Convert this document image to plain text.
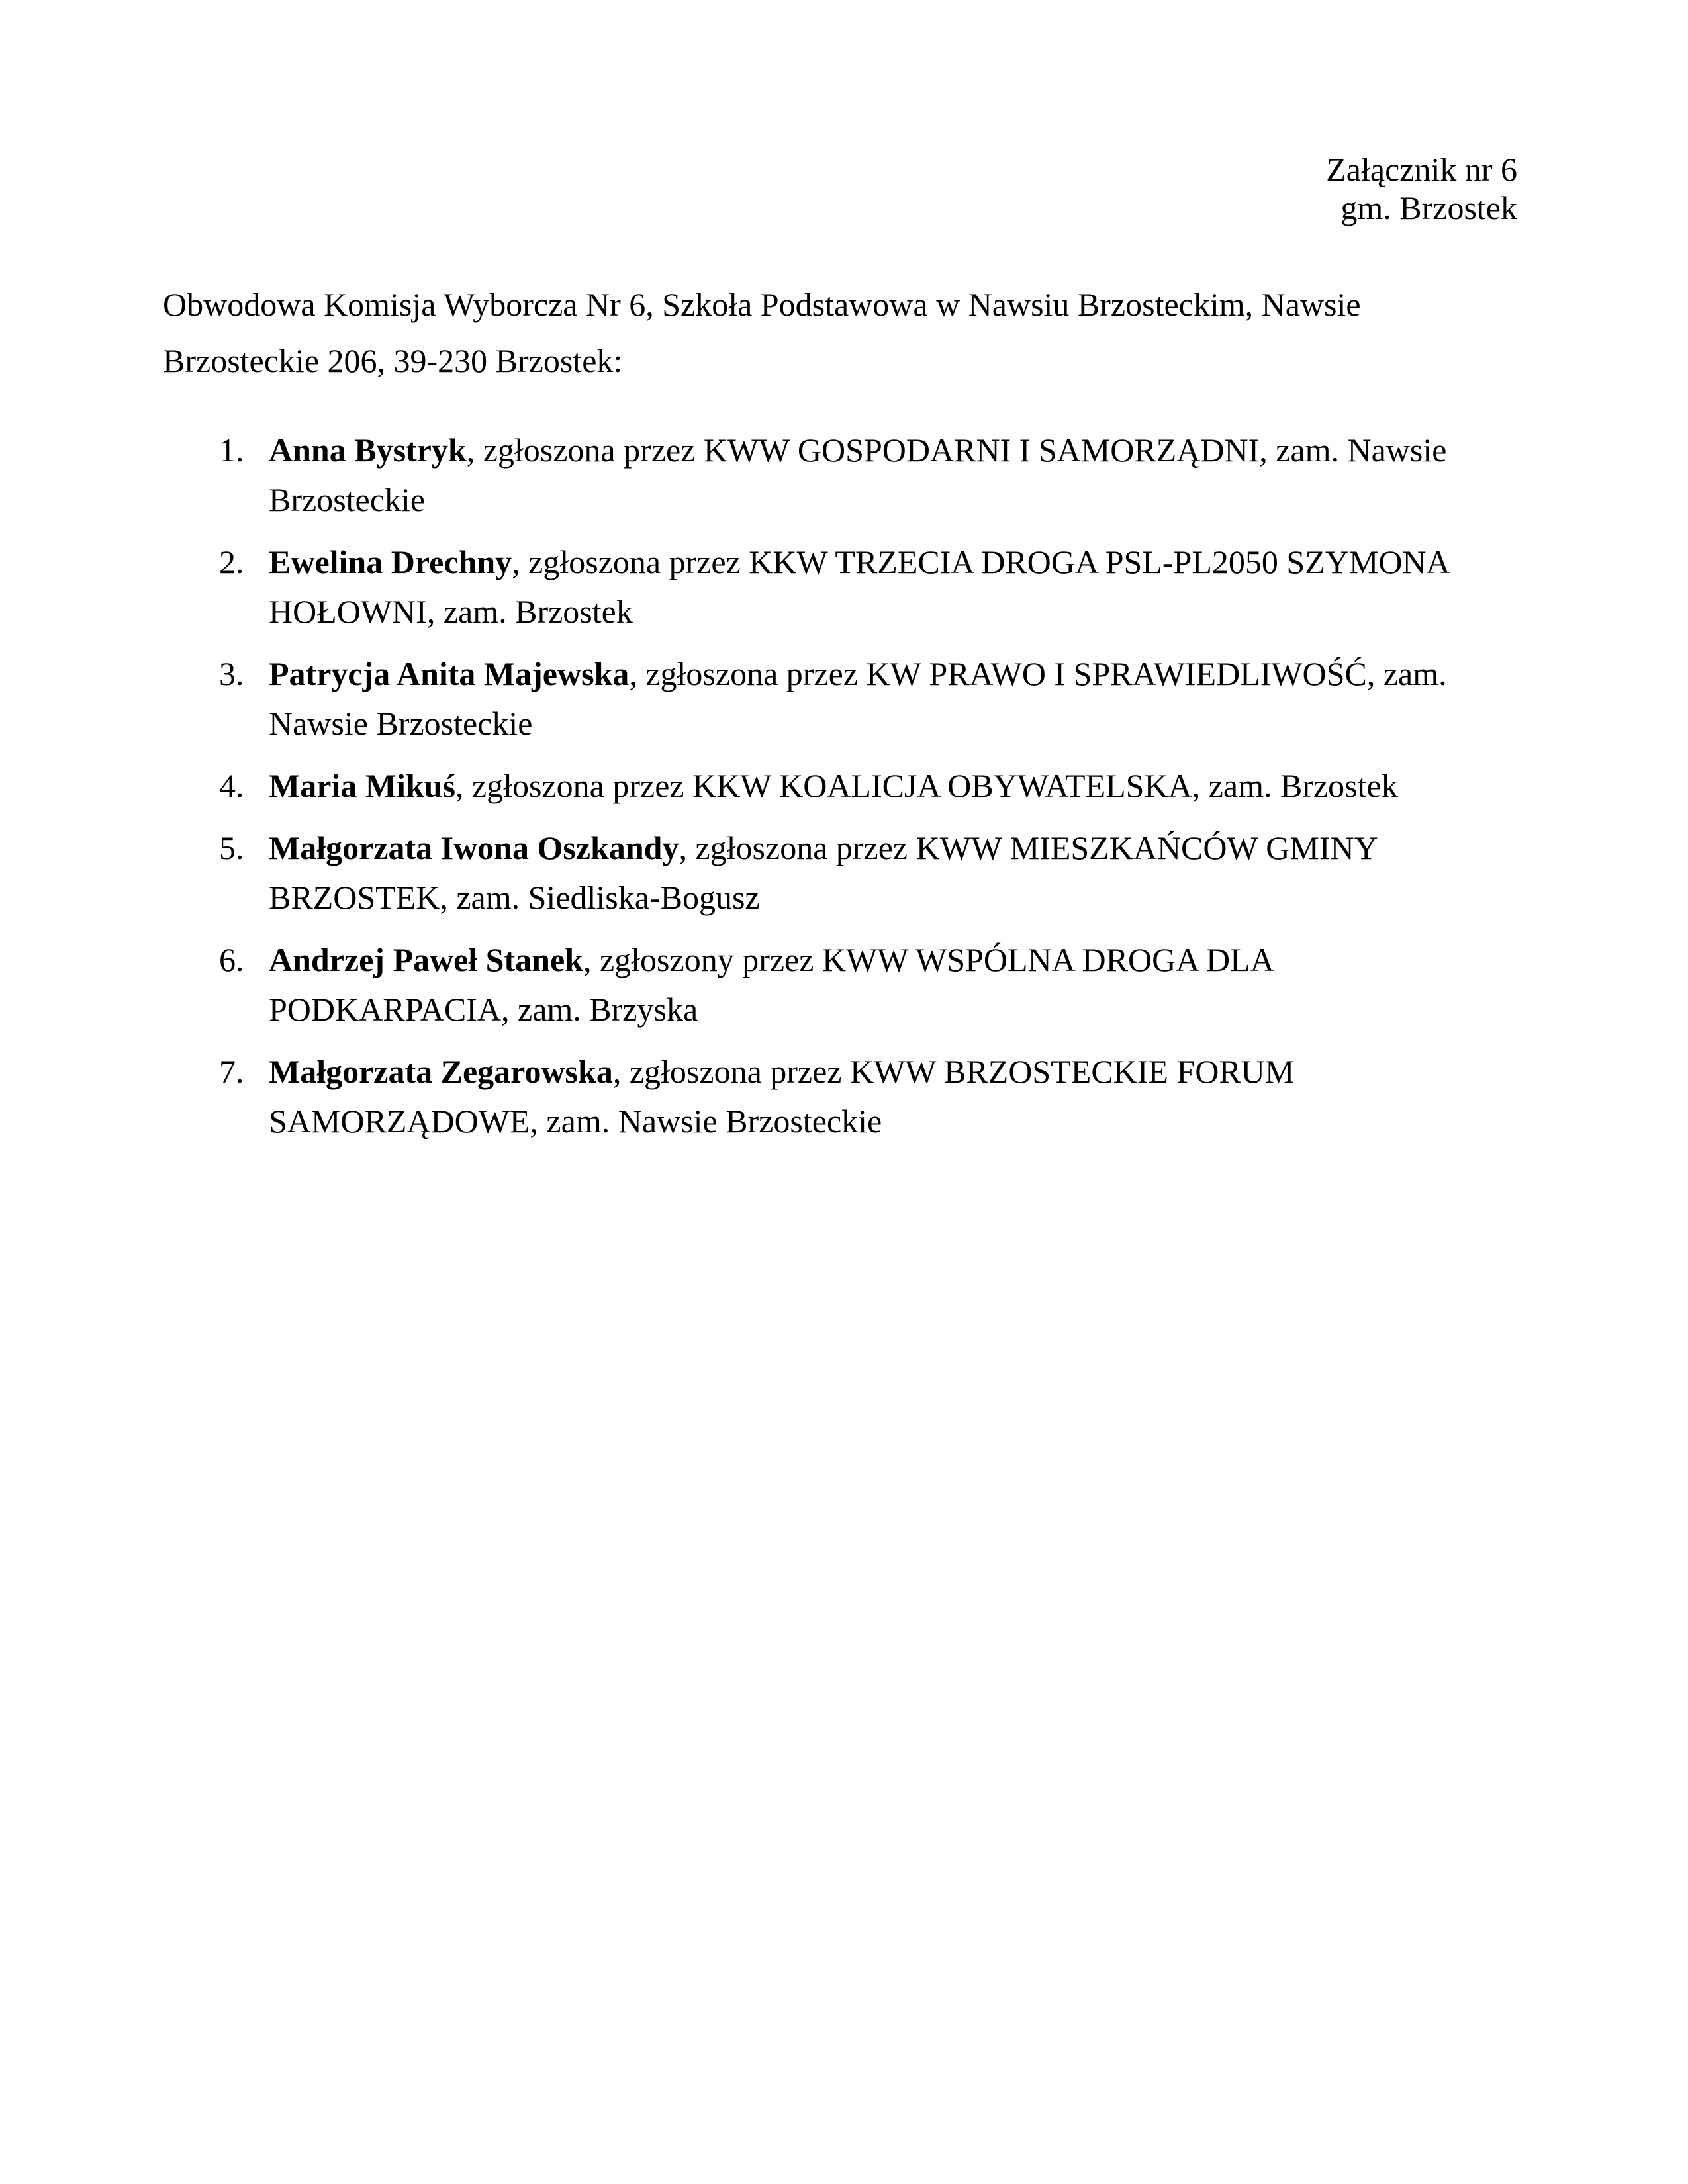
Załącznik nr 6
gm. Brzostek

Obwodowa Komisja Wyborcza Nr 6, Szkoła Podstawowa w Nawsiu Brzosteckim, Nawsie Brzosteckie 206, 39-230 Brzostek:

1. Anna Bystryk, zgłoszona przez KWW GOSPODARNI I SAMORZĄDNI, zam. Nawsie Brzosteckie
2. Ewelina Drechny, zgłoszona przez KKW TRZECIA DROGA PSL-PL2050 SZYMONA HOŁOWNI, zam. Brzostek
3. Patrycja Anita Majewska, zgłoszona przez KW PRAWO I SPRAWIEDLIWOŚĆ, zam. Nawsie Brzosteckie
4. Maria Mikuś, zgłoszona przez KKW KOALICJA OBYWATELSKA, zam. Brzostek
5. Małgorzata Iwona Oszkandy, zgłoszona przez KWW MIESZKAŃCÓW GMINY BRZOSTEK, zam. Siedliska-Bogusz
6. Andrzej Paweł Stanek, zgłoszony przez KWW WSPÓLNA DROGA DLA PODKARPACIA, zam. Brzyska
7. Małgorzata Zegarowska, zgłoszona przez KWW BRZOSTECKIE FORUM SAMORZĄDOWE, zam. Nawsie Brzosteckie
